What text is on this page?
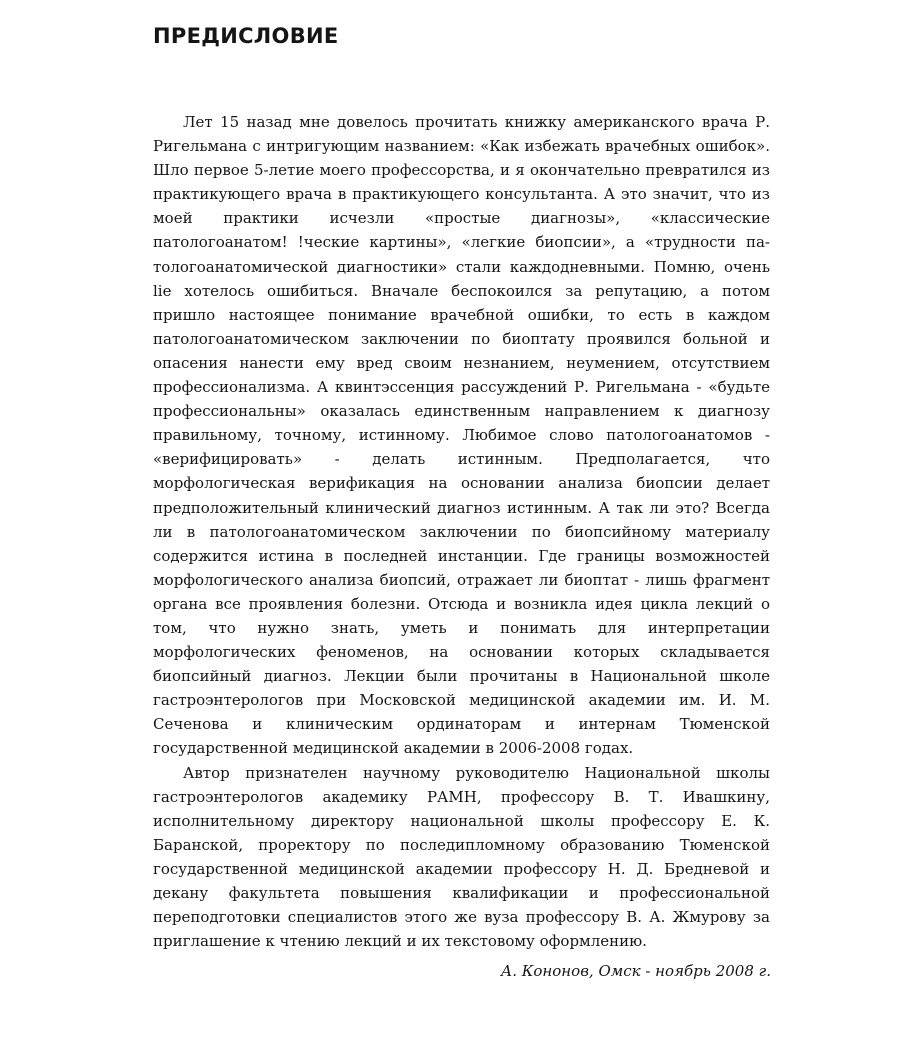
ПРЕДИСЛОВИЕ

Лет 15 назад мне довелось прочитать книжку американского врача Р. Ригельмана с интригующим названием: «Как избежать врачебных ошибок». Шло первое 5-летие моего профессорства, и я окончательно превратился из практикующего врача в практикующего консультанта. А это значит, что из моей практики исчезли «простые диагнозы», «классические патологоанатом! !ческие картины», «легкие биопсии», а «трудности патологоанатомической диагностики» стали каждодневными. Помню, очень lie хотелось ошибиться. Вначале беспокоился за репутацию, а потом пришло настоящее понимание врачебной ошибки, то есть в каждом патологоанатомическом заключении по биоптату проявился больной и опасения нанести ему вред своим незнанием, неумением, отсутствием профессионализма. А квинтэссенция рассуждений Р. Ригельмана - «будьте профессиональны» оказалась единственным направлением к диагнозу правильному, точному, истинному. Любимое слово патологоанатомов - «верифицировать» - делать истинным. Предполагается, что морфологическая верификация на основании анализа биопсии делает предположительный клинический диагноз истинным. А так ли это? Всегда ли в патологоанатомическом заключении по биопсийному материалу содержится истина в последней инстанции. Где границы возможностей морфологического анализа биопсий, отражает ли биоптат - лишь фрагмент органа все проявления болезни. Отсюда и возникла идея цикла лекций о том, что нужно знать, уметь и понимать для интерпретации морфологических феноменов, на основании которых складывается биопсийный диагноз. Лекции были прочитаны в Национальной школе гастроэнтерологов при Московской медицинской академии им. И. М. Сеченова и клиническим ординаторам и интернам Тюменской государственной медицинской академии в 2006-2008 годах.

Автор признателен научному руководителю Национальной школы гастроэнтерологов академику РАМН, профессору В. Т. Ивашкину, исполнительному директору национальной школы профессору Е. К. Баранской, проректору по последипломному образованию Тюменской государственной медицинской академии профессору Н. Д. Бредневой и декану факультета повышения квалификации и профессиональной переподготовки специалистов этого же вуза профессору В. А. Жмурову за приглашение к чтению лекций и их текстовому оформлению.

А. Кононов, Омск - ноябрь 2008 г.
